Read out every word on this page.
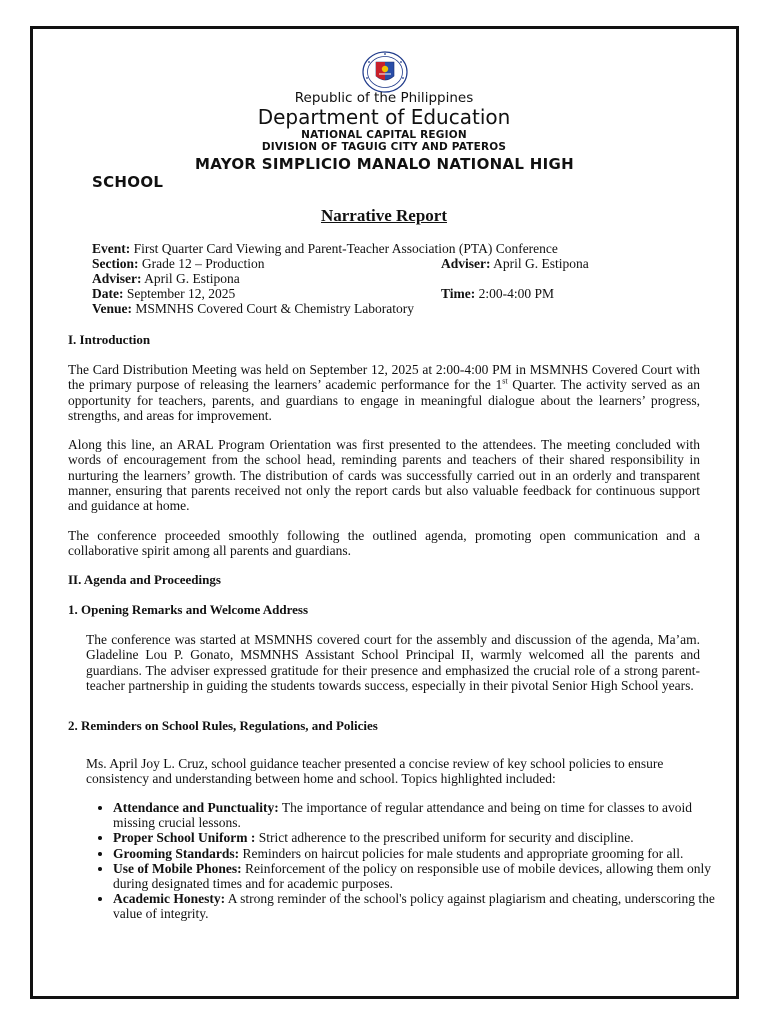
Republic of the Philippines
Department of Education
NATIONAL CAPITAL REGION
DIVISION OF TAGUIG CITY AND PATEROS
MAYOR SIMPLICIO MANALO NATIONAL HIGH
SCHOOL
Narrative Report
Event: First Quarter Card Viewing and Parent-Teacher Association (PTA) Conference
Section: Grade 12 – Production	Adviser: April G. Estipona
Adviser: April G. Estipona
Date: September 12, 2025	Time: 2:00-4:00 PM
Venue: MSMNHS Covered Court & Chemistry Laboratory
I. Introduction
The Card Distribution Meeting was held on September 12, 2025 at 2:00-4:00 PM in MSMNHS Covered Court with the primary purpose of releasing the learners’ academic performance for the 1st Quarter. The activity served as an opportunity for teachers, parents, and guardians to engage in meaningful dialogue about the learners’ progress, strengths, and areas for improvement.
Along this line, an ARAL Program Orientation was first presented to the attendees. The meeting concluded with words of encouragement from the school head, reminding parents and teachers of their shared responsibility in nurturing the learners’ growth. The distribution of cards was successfully carried out in an orderly and transparent manner, ensuring that parents received not only the report cards but also valuable feedback for continuous support and guidance at home.
The conference proceeded smoothly following the outlined agenda, promoting open communication and a collaborative spirit among all parents and guardians.
II. Agenda and Proceedings
1. Opening Remarks and Welcome Address
The conference was started at MSMNHS covered court for the assembly and discussion of the agenda, Ma’am. Gladeline Lou P. Gonato, MSMNHS Assistant School Principal II, warmly welcomed all the parents and guardians. The adviser expressed gratitude for their presence and emphasized the crucial role of a strong parent-teacher partnership in guiding the students towards success, especially in their pivotal Senior High School years.
2. Reminders on School Rules, Regulations, and Policies
Ms. April Joy L. Cruz, school guidance teacher presented a concise review of key school policies to ensure consistency and understanding between home and school. Topics highlighted included:
• Attendance and Punctuality: The importance of regular attendance and being on time for classes to avoid missing crucial lessons.
• Proper School Uniform : Strict adherence to the prescribed uniform for security and discipline.
• Grooming Standards: Reminders on haircut policies for male students and appropriate grooming for all.
• Use of Mobile Phones: Reinforcement of the policy on responsible use of mobile devices, allowing them only during designated times and for academic purposes.
• Academic Honesty: A strong reminder of the school's policy against plagiarism and cheating, underscoring the value of integrity.
